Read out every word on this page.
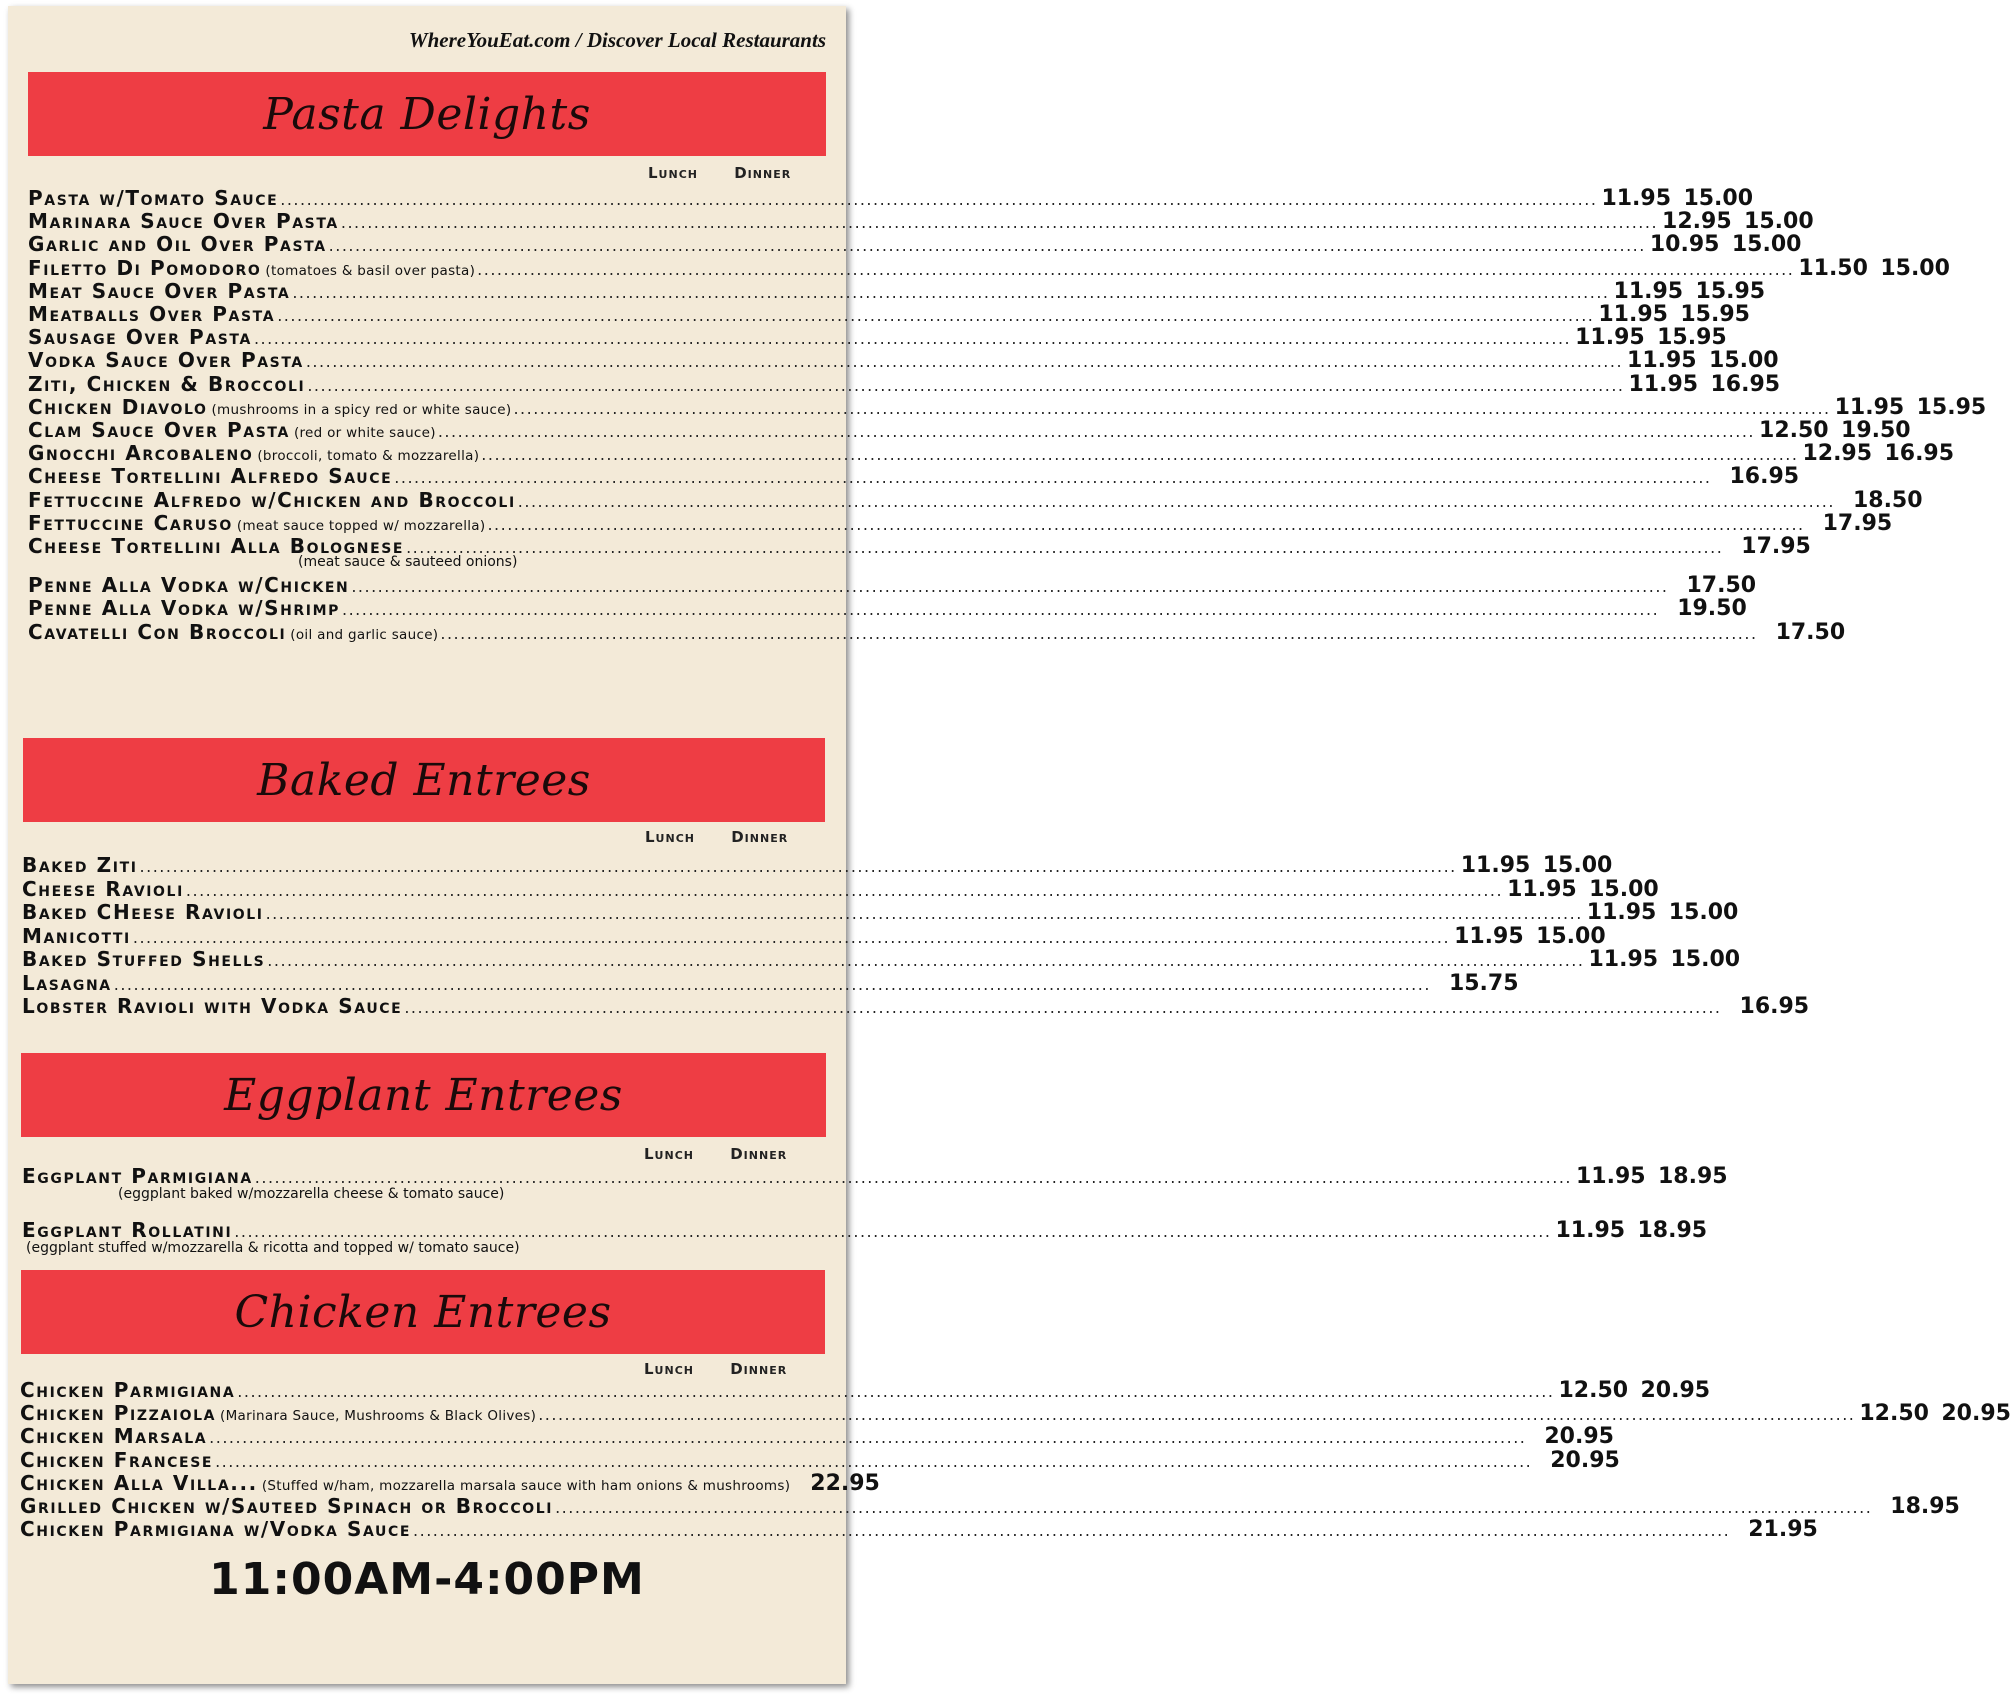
WhereYouEat.com / Discover Local Restaurants
Pasta Delights
Lunch Dinner
Baked Entrees
Lunch Dinner
Eggplant Entrees
Lunch Dinner
Chicken Entrees
Lunch Dinner
11:00AM-4:00PM
Pasta w/Tomato Sauce ........................................................................................................................................................................................................ 11.95 15.00
Marinara Sauce Over Pasta ........................................................................................................................................................................................................ 12.95 15.00
Garlic and Oil Over Pasta ........................................................................................................................................................................................................ 10.95 15.00
Filetto Di Pomodoro (tomatoes & basil over pasta) ........................................................................................................................................................................................................ 11.50 15.00
Meat Sauce Over Pasta ........................................................................................................................................................................................................ 11.95 15.95
Meatballs Over Pasta ........................................................................................................................................................................................................ 11.95 15.95
Sausage Over Pasta ........................................................................................................................................................................................................ 11.95 15.95
Vodka Sauce Over Pasta ........................................................................................................................................................................................................ 11.95 15.00
Ziti, Chicken & Broccoli ........................................................................................................................................................................................................ 11.95 16.95
Chicken Diavolo (mushrooms in a spicy red or white sauce) ........................................................................................................................................................................................................ 11.95 15.95
Clam Sauce Over Pasta (red or white sauce) ........................................................................................................................................................................................................ 12.50 19.50
Gnocchi Arcobaleno (broccoli, tomato & mozzarella) ........................................................................................................................................................................................................ 12.95 16.95
Cheese Tortellini Alfredo Sauce ........................................................................................................................................................................................................ 16.95
Fettuccine Alfredo w/Chicken and Broccoli ........................................................................................................................................................................................................ 18.50
Fettuccine Caruso (meat sauce topped w/ mozzarella) ........................................................................................................................................................................................................ 17.95
Cheese Tortellini Alla Bolognese ........................................................................................................................................................................................................ 17.95
(meat sauce & sauteed onions)
Penne Alla Vodka w/Chicken ........................................................................................................................................................................................................ 17.50
Penne Alla Vodka w/Shrimp ........................................................................................................................................................................................................ 19.50
Cavatelli Con Broccoli (oil and garlic sauce) ........................................................................................................................................................................................................ 17.50
Baked Ziti ........................................................................................................................................................................................................ 11.95 15.00
Cheese Ravioli ........................................................................................................................................................................................................ 11.95 15.00
Baked CHeese Ravioli ........................................................................................................................................................................................................ 11.95 15.00
Manicotti ........................................................................................................................................................................................................ 11.95 15.00
Baked Stuffed Shells ........................................................................................................................................................................................................ 11.95 15.00
Lasagna ........................................................................................................................................................................................................ 15.75
Lobster Ravioli with Vodka Sauce ........................................................................................................................................................................................................ 16.95
Eggplant Parmigiana ........................................................................................................................................................................................................ 11.95 18.95
(eggplant baked w/mozzarella cheese & tomato sauce)
Eggplant Rollatini ........................................................................................................................................................................................................ 11.95 18.95
(eggplant stuffed w/mozzarella & ricotta and topped w/ tomato sauce)
Chicken Parmigiana ........................................................................................................................................................................................................ 12.50 20.95
Chicken Pizzaiola (Marinara Sauce, Mushrooms & Black Olives) ........................................................................................................................................................................................................ 12.50 20.95
Chicken Marsala ........................................................................................................................................................................................................ 20.95
Chicken Francese ........................................................................................................................................................................................................ 20.95
Chicken Alla Villa... (Stuffed w/ham, mozzarella marsala sauce with ham onions & mushrooms) 22.95
Grilled Chicken w/Sauteed Spinach or Broccoli ........................................................................................................................................................................................................ 18.95
Chicken Parmigiana w/Vodka Sauce ........................................................................................................................................................................................................ 21.95
